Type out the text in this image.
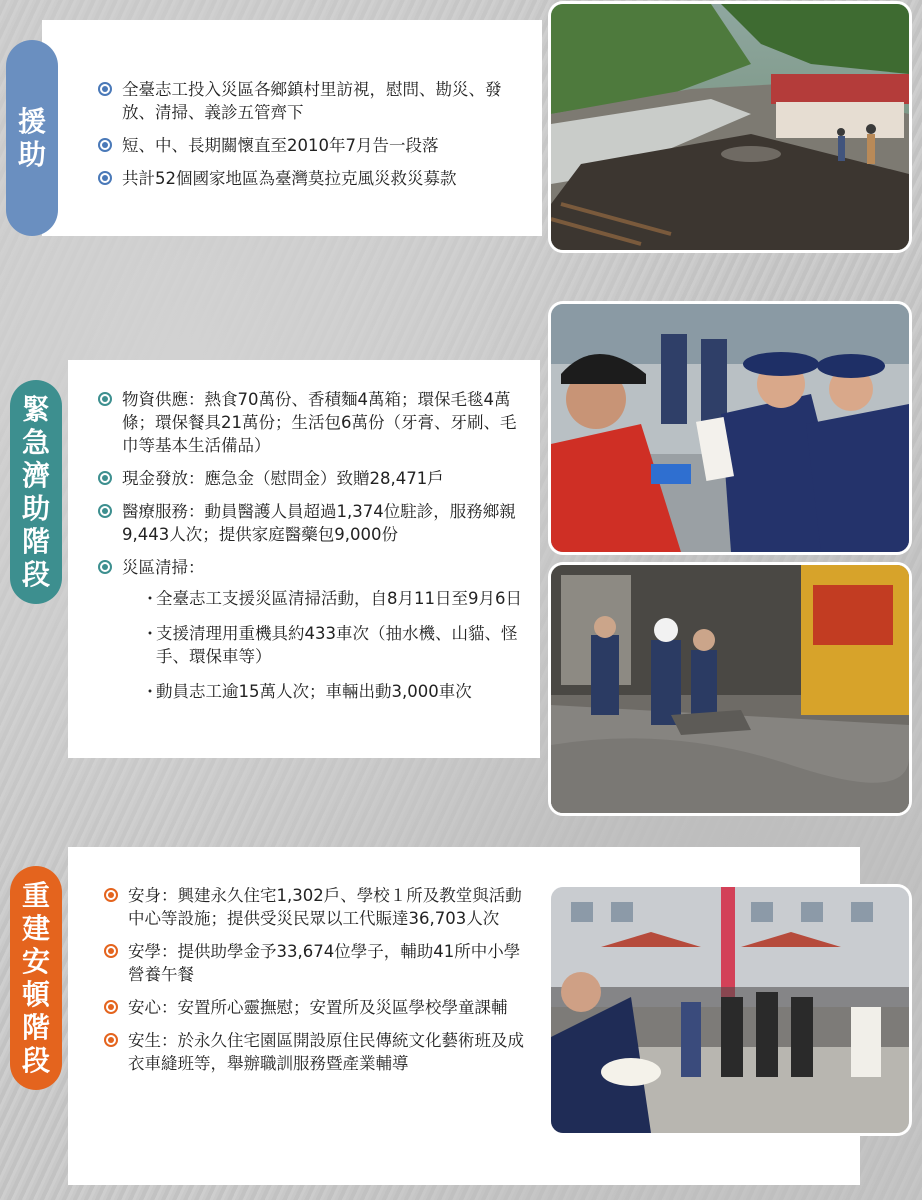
援
助
全臺志工投入災區各鄉鎮村里訪視，慰問、勘災、發放、清掃、義診五管齊下
短、中、長期關懷直至2010年7月告一段落
共計52個國家地區為臺灣莫拉克風災救災募款
緊
急
濟
助
階
段
物資供應：熱食70萬份、香積麵4萬箱；環保毛毯4萬條；環保餐具21萬份；生活包6萬份（牙膏、牙刷、毛巾等基本生活備品）
現金發放：應急金（慰問金）致贈28,471戶
醫療服務：動員醫護人員超過1,374位駐診，服務鄉親9,443人次；提供家庭醫藥包9,000份
災區清掃：
・
全臺志工支援災區清掃活動，自8月11日至9月6日
・
支援清理用重機具約433車次（抽水機、山貓、怪手、環保車等）
・
動員志工逾15萬人次；車輛出動3,000車次
重
建
安
頓
階
段
安身：興建永久住宅1,302戶、學校１所及教堂與活動中心等設施；提供受災民眾以工代賑達36,703人次
安學：提供助學金予33,674位學子，輔助41所中小學營養午餐
安心：安置所心靈撫慰；安置所及災區學校學童課輔
安生：於永久住宅園區開設原住民傳統文化藝術班及成衣車縫班等，舉辦職訓服務暨產業輔導
